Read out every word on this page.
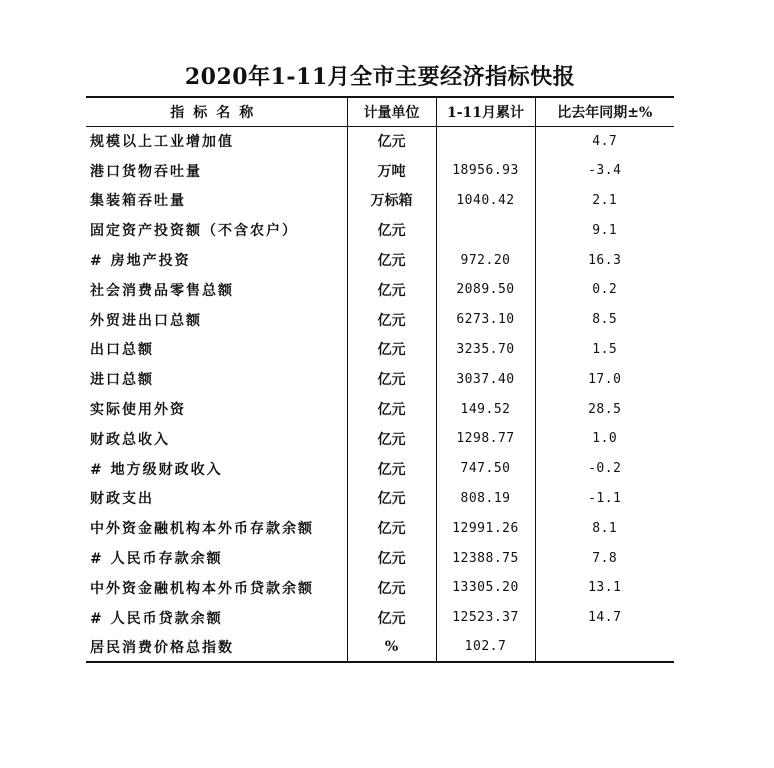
2020年1-11月全市主要经济指标快报
指标名称	计量单位	1-11月累计	比去年同期±%
规模以上工业增加值	亿元		4.7
港口货物吞吐量	万吨	18956.93	-3.4
集装箱吞吐量	万标箱	1040.42	2.1
固定资产投资额（不含农户）	亿元		9.1
# 房地产投资	亿元	972.20	16.3
社会消费品零售总额	亿元	2089.50	0.2
外贸进出口总额	亿元	6273.10	8.5
出口总额	亿元	3235.70	1.5
进口总额	亿元	3037.40	17.0
实际使用外资	亿元	149.52	28.5
财政总收入	亿元	1298.77	1.0
# 地方级财政收入	亿元	747.50	-0.2
财政支出	亿元	808.19	-1.1
中外资金融机构本外币存款余额	亿元	12991.26	8.1
# 人民币存款余额	亿元	12388.75	7.8
中外资金融机构本外币贷款余额	亿元	13305.20	13.1
# 人民币贷款余额	亿元	12523.37	14.7
居民消费价格总指数	%	102.7	
